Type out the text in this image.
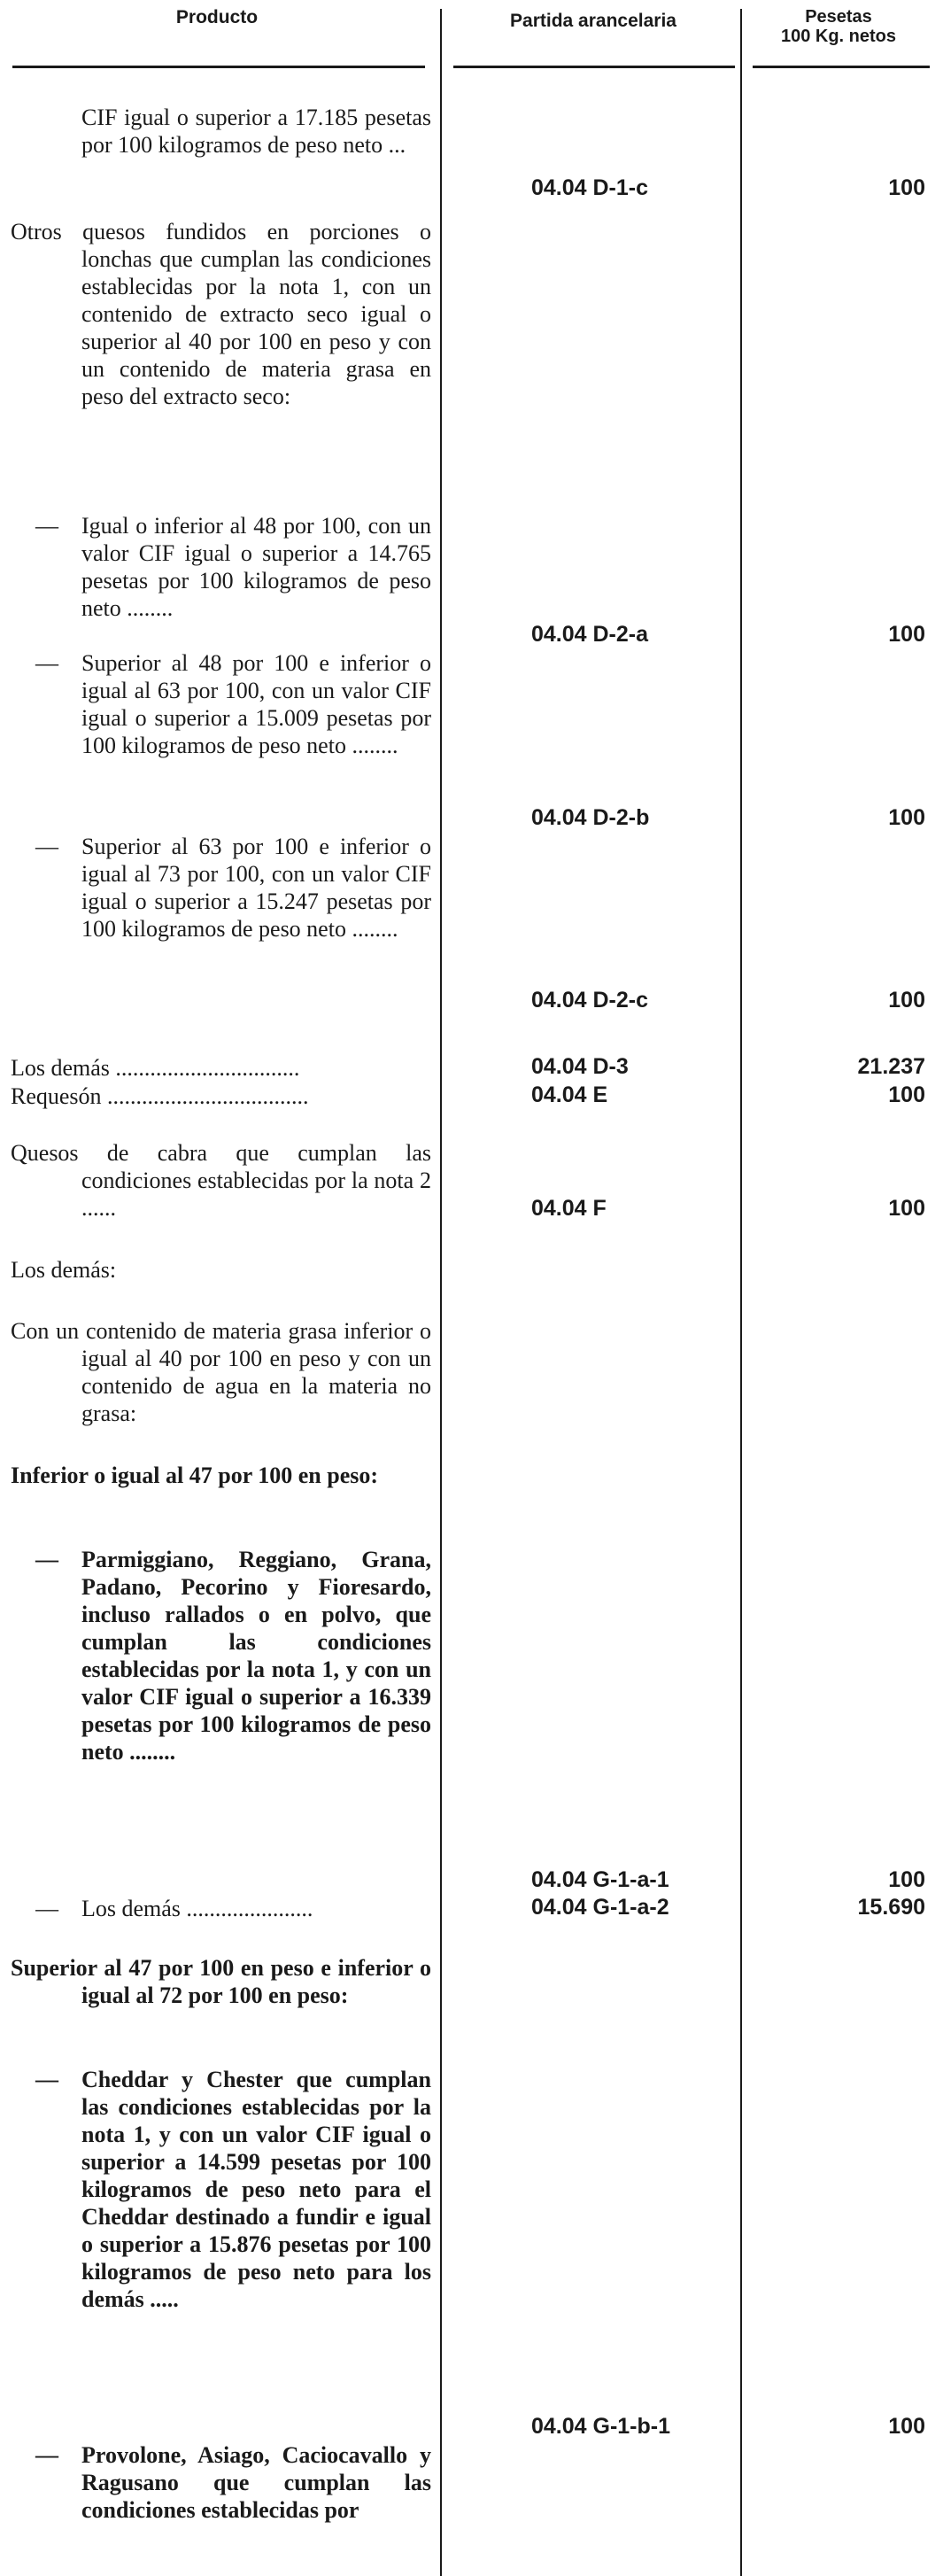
Producto	Partida arancelaria	Pesetas
100 Kg. netos
CIF igual o superior a 17.185 pesetas por 100 kilogramos de peso neto ...
04.04 D-1-c	100
Otros quesos fundidos en porciones o lonchas que cumplan las condiciones establecidas por la nota 1, con un contenido de extracto seco igual o superior al 40 por 100 en peso y con un contenido de materia grasa en peso del extracto seco:
— Igual o inferior al 48 por 100, con un valor CIF igual o superior a 14.765 pesetas por 100 kilogramos de peso neto ........
04.04 D-2-a	100
— Superior al 48 por 100 e inferior o igual al 63 por 100, con un valor CIF igual o superior a 15.009 pesetas por 100 kilogramos de peso neto ........
04.04 D-2-b	100
— Superior al 63 por 100 e inferior o igual al 73 por 100, con un valor CIF igual o superior a 15.247 pesetas por 100 kilogramos de peso neto ........
04.04 D-2-c	100
Los demás ................................	04.04 D-3	21.237
Requesón ...................................	04.04 E	100
Quesos de cabra que cumplan las condiciones establecidas por la nota 2 ......	04.04 F	100
Los demás:
Con un contenido de materia grasa inferior o igual al 40 por 100 en peso y con un contenido de agua en la materia no grasa:
Inferior o igual al 47 por 100 en peso:
— Parmiggiano, Reggiano, Grana, Padano, Pecorino y Fioresardo, incluso rallados o en polvo, que cumplan las condiciones establecidas por la nota 1, y con un valor CIF igual o superior a 16.339 pesetas por 100 kilogramos de peso neto ........
04.04 G-1-a-1	100
— Los demás ......................	04.04 G-1-a-2	15.690
Superior al 47 por 100 en peso e inferior o igual al 72 por 100 en peso:
— Cheddar y Chester que cumplan las condiciones establecidas por la nota 1, y con un valor CIF igual o superior a 14.599 pesetas por 100 kilogramos de peso neto para el Cheddar destinado a fundir e igual o superior a 15.876 pesetas por 100 kilogramos de peso neto para los demás .....
04.04 G-1-b-1	100
— Provolone, Asiago, Caciocavallo y Ragusano que cumplan las condiciones establecidas por
